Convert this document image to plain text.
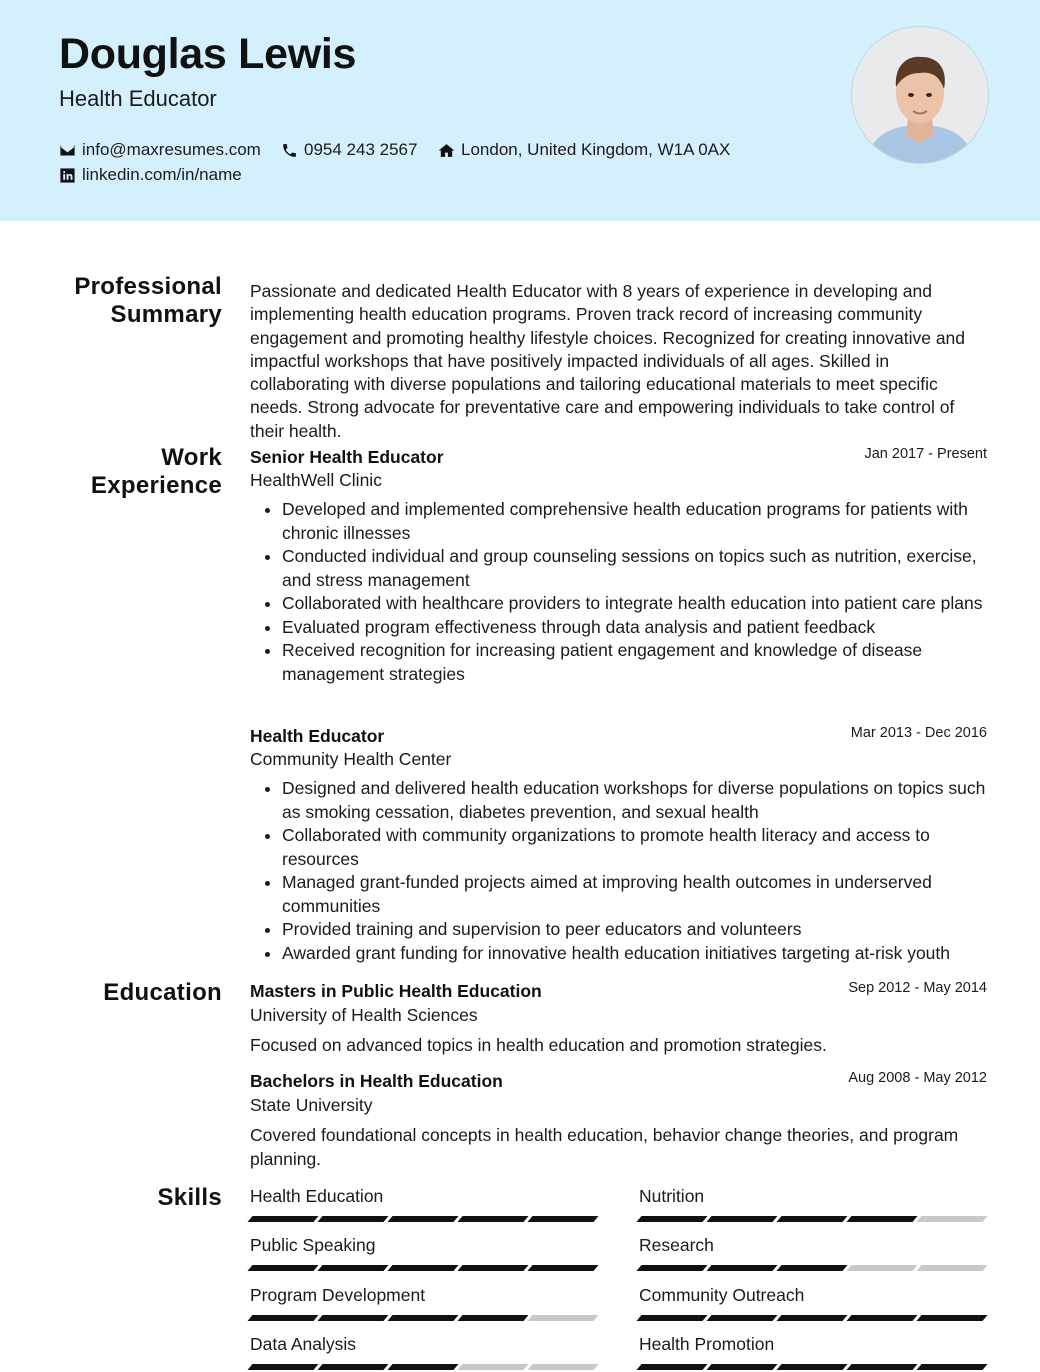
Douglas Lewis
Health Educator
info@maxresumes.com	0954 243 2567	London, United Kingdom, W1A 0AX
linkedin.com/in/name
Professional Summary
Work Experience
Education
Skills
Passionate and dedicated Health Educator with 8 years of experience in developing and implementing health education programs. Proven track record of increasing community engagement and promoting healthy lifestyle choices. Recognized for creating innovative and impactful workshops that have positively impacted individuals of all ages. Skilled in collaborating with diverse populations and tailoring educational materials to meet specific needs. Strong advocate for preventative care and empowering individuals to take control of their health.
Senior Health Educator	Jan 2017 - Present
HealthWell Clinic
• Developed and implemented comprehensive health education programs for patients with chronic illnesses
• Conducted individual and group counseling sessions on topics such as nutrition, exercise, and stress management
• Collaborated with healthcare providers to integrate health education into patient care plans
• Evaluated program effectiveness through data analysis and patient feedback
• Received recognition for increasing patient engagement and knowledge of disease management strategies
Health Educator	Mar 2013 - Dec 2016
Community Health Center
• Designed and delivered health education workshops for diverse populations on topics such as smoking cessation, diabetes prevention, and sexual health
• Collaborated with community organizations to promote health literacy and access to resources
• Managed grant-funded projects aimed at improving health outcomes in underserved communities
• Provided training and supervision to peer educators and volunteers
• Awarded grant funding for innovative health education initiatives targeting at-risk youth
Masters in Public Health Education	Sep 2012 - May 2014
University of Health Sciences
Focused on advanced topics in health education and promotion strategies.
Bachelors in Health Education	Aug 2008 - May 2012
State University
Covered foundational concepts in health education, behavior change theories, and program planning.
Health Education	Nutrition
Public Speaking	Research
Program Development	Community Outreach
Data Analysis	Health Promotion
